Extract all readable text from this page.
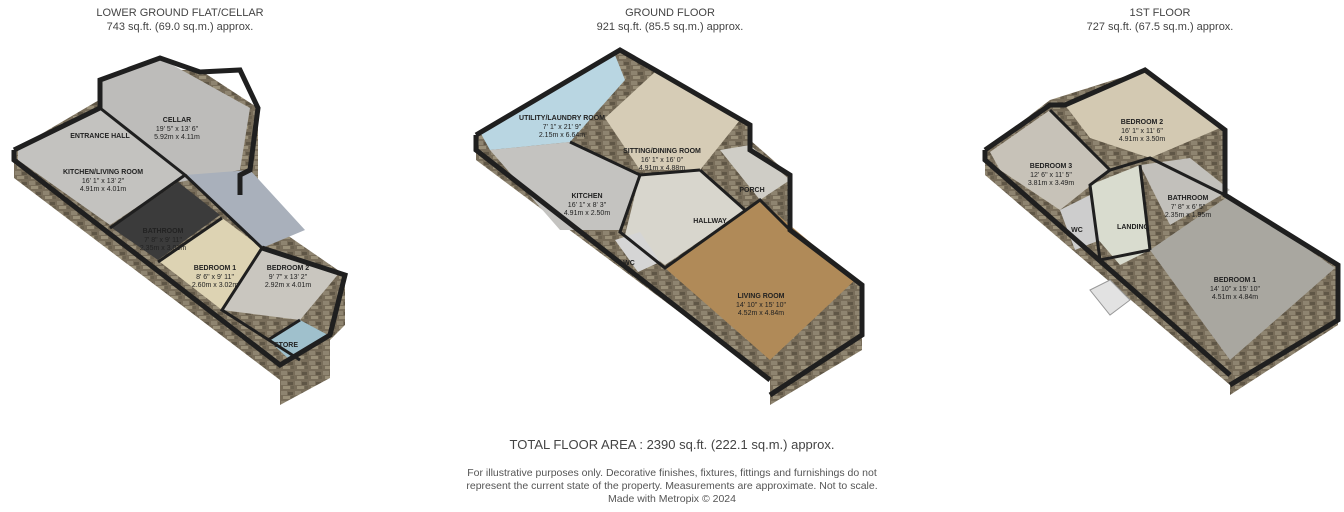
LOWER GROUND FLAT/CELLAR
743 sq.ft. (69.0 sq.m.) approx.
GROUND FLOOR
921 sq.ft. (85.5 sq.m.) approx.
1ST FLOOR
727 sq.ft. (67.5 sq.m.) approx.
CELLAR
19' 5" x 13' 6"
5.92m x 4.11m
ENTRANCE HALL
KITCHEN/LIVING ROOM
16' 1" x 13' 2"
4.91m x 4.01m
BATHROOM
7' 8" x 9' 11"
2.35m x 3.02m
BEDROOM 1
8' 6" x 9' 11"
2.60m x 3.02m
BEDROOM 2
9' 7" x 13' 2"
2.92m x 4.01m
STORE
UTILITY/LAUNDRY ROOM
7' 1" x 21' 9"
2.15m x 6.64m
SITTING/DINING ROOM
16' 1" x 16' 0"
4.91m x 4.88m
KITCHEN
16' 1" x 8' 3"
4.91m x 2.50m
PORCH
HALLWAY
WC
LIVING ROOM
14' 10" x 15' 10"
4.52m x 4.84m
BEDROOM 2
16' 1" x 11' 6"
4.91m x 3.50m
BEDROOM 3
12' 6" x 11' 5"
3.81m x 3.49m
BATHROOM
7' 8" x 6' 5"
2.35m x 1.95m
WC	LANDING
BEDROOM 1
14' 10" x 15' 10"
4.51m x 4.84m
TOTAL FLOOR AREA : 2390 sq.ft. (222.1 sq.m.) approx.
For illustrative purposes only. Decorative finishes, fixtures, fittings and furnishings do not
represent the current state of the property. Measurements are approximate. Not to scale.
Made with Metropix © 2024
